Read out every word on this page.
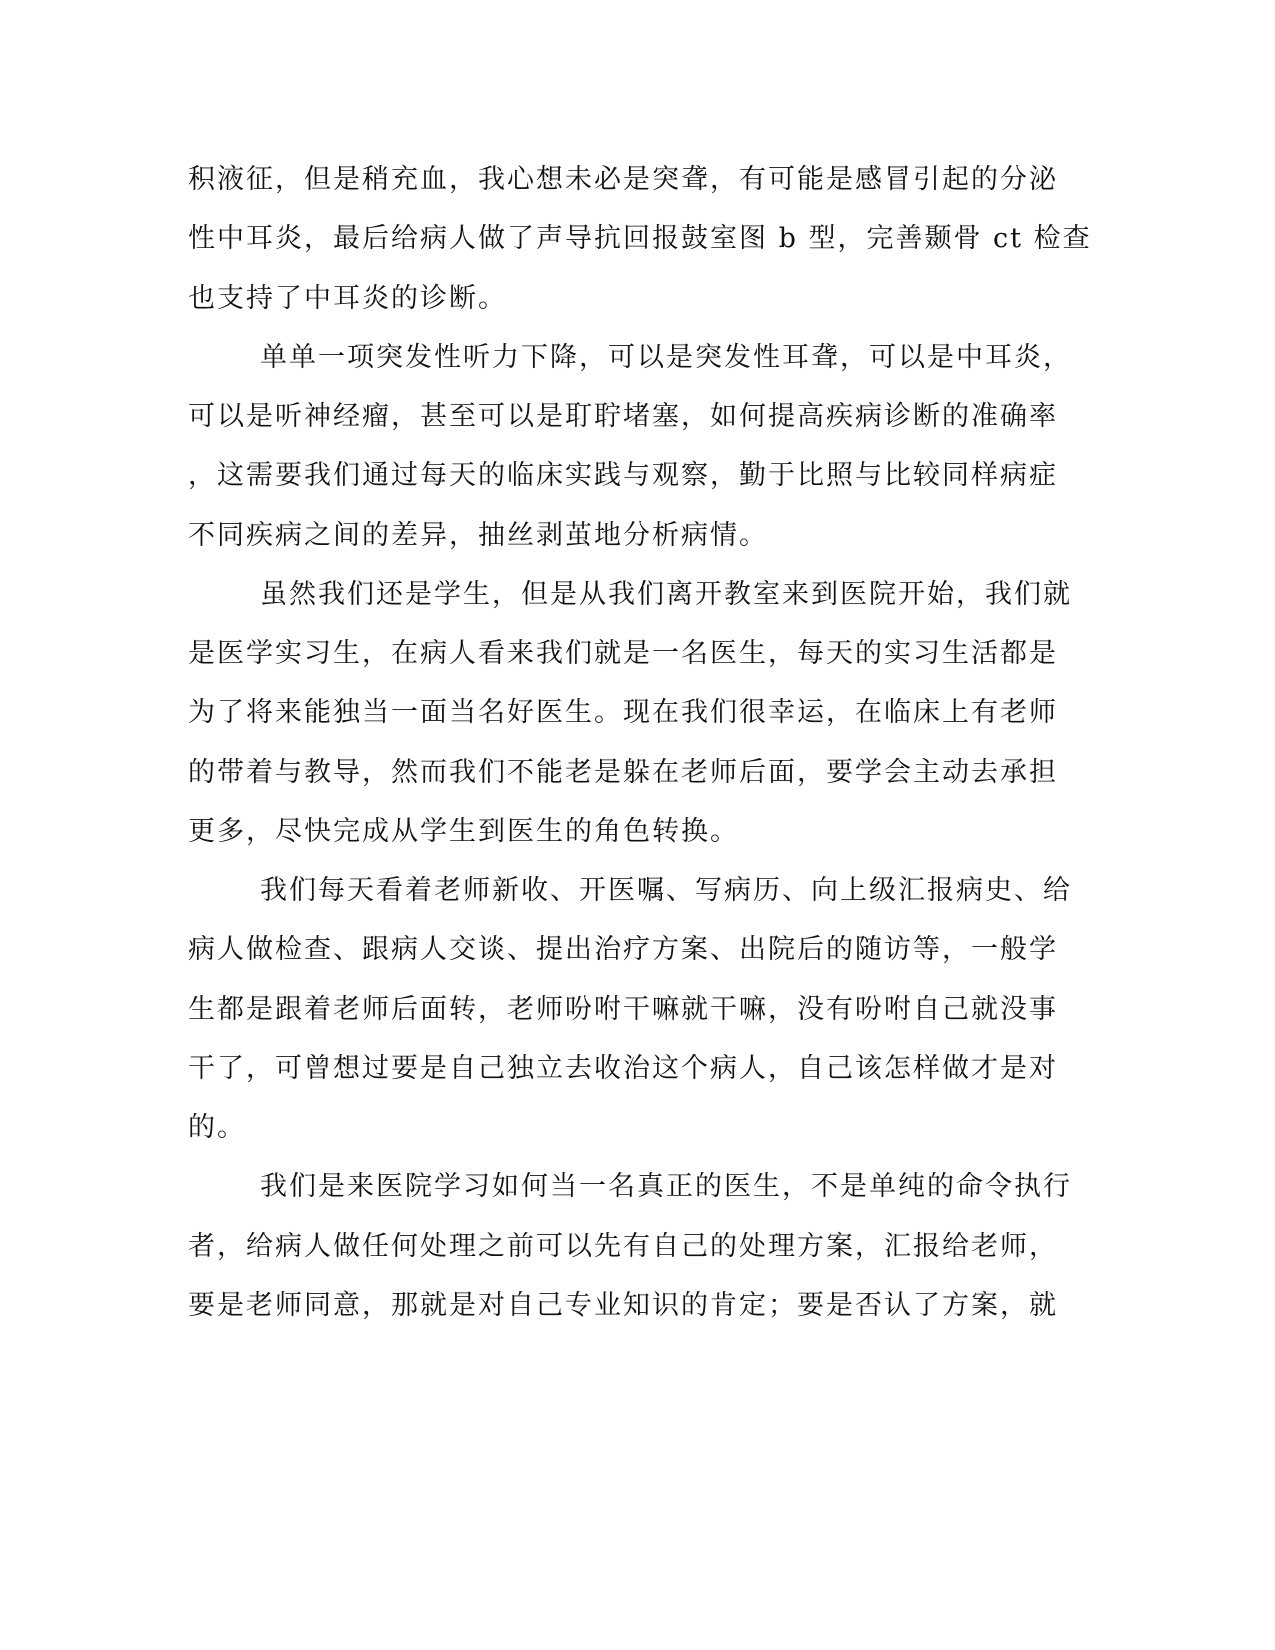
积液征，但是稍充血，我心想未必是突聋，有可能是感冒引起的分泌
性中耳炎，最后给病人做了声导抗回报鼓室图 b 型，完善颞骨 ct 检查
也支持了中耳炎的诊断。
单单一项突发性听力下降，可以是突发性耳聋，可以是中耳炎，
可以是听神经瘤，甚至可以是耵聍堵塞，如何提高疾病诊断的准确率
，这需要我们通过每天的临床实践与观察，勤于比照与比较同样病症
不同疾病之间的差异，抽丝剥茧地分析病情。
虽然我们还是学生，但是从我们离开教室来到医院开始，我们就
是医学实习生，在病人看来我们就是一名医生，每天的实习生活都是
为了将来能独当一面当名好医生。现在我们很幸运，在临床上有老师
的带着与教导，然而我们不能老是躲在老师后面，要学会主动去承担
更多，尽快完成从学生到医生的角色转换。
我们每天看着老师新收、开医嘱、写病历、向上级汇报病史、给
病人做检查、跟病人交谈、提出治疗方案、出院后的随访等，一般学
生都是跟着老师后面转，老师吩咐干嘛就干嘛，没有吩咐自己就没事
干了，可曾想过要是自己独立去收治这个病人，自己该怎样做才是对
的。
我们是来医院学习如何当一名真正的医生，不是单纯的命令执行
者，给病人做任何处理之前可以先有自己的处理方案，汇报给老师，
要是老师同意，那就是对自己专业知识的肯定；要是否认了方案，就
